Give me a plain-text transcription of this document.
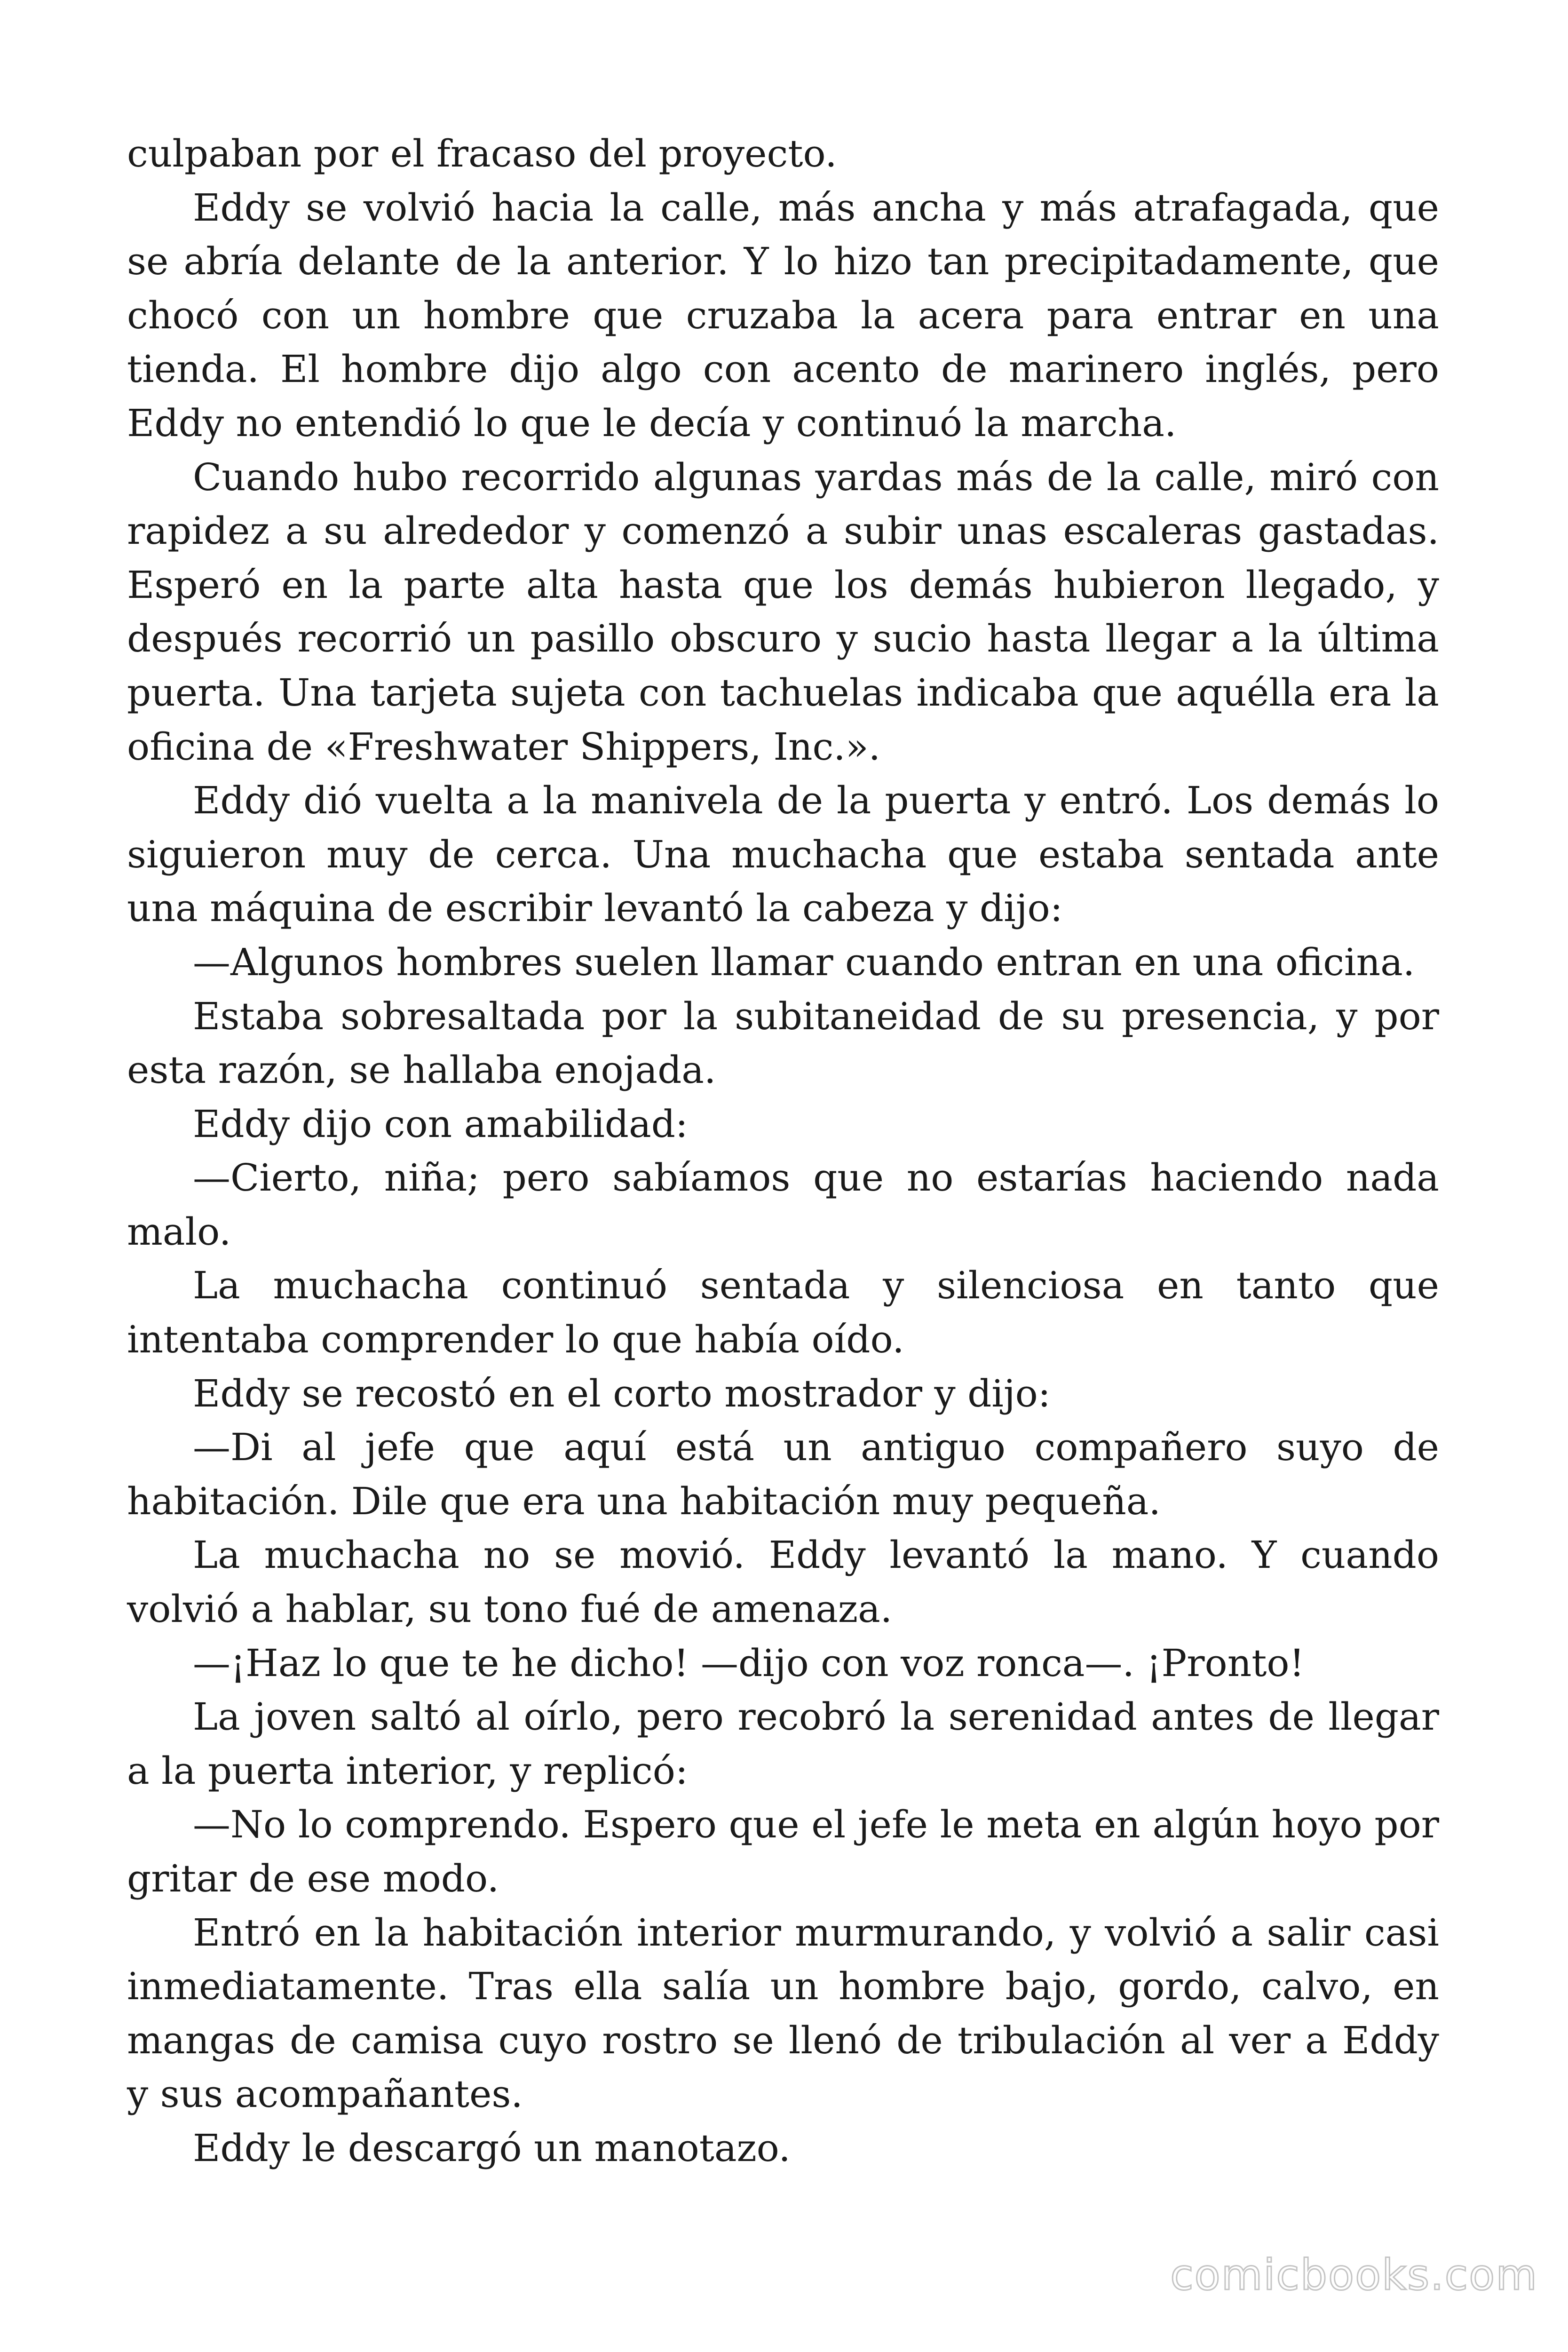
culpaban por el fracaso del proyecto.

Eddy se volvió hacia la calle, más ancha y más atrafagada, que se abría delante de la anterior. Y lo hizo tan precipitadamente, que chocó con un hombre que cruzaba la acera para entrar en una tienda. El hombre dijo algo con acento de marinero inglés, pero Eddy no entendió lo que le decía y continuó la marcha.

Cuando hubo recorrido algunas yardas más de la calle, miró con rapidez a su alrededor y comenzó a subir unas escaleras gastadas. Esperó en la parte alta hasta que los demás hubieron llegado, y después recorrió un pasillo obscuro y sucio hasta llegar a la última puerta. Una tarjeta sujeta con tachuelas indicaba que aquélla era la oficina de «Freshwater Shippers, Inc.».

Eddy dió vuelta a la manivela de la puerta y entró. Los demás lo siguieron muy de cerca. Una muchacha que estaba sentada ante una máquina de escribir levantó la cabeza y dijo:

—Algunos hombres suelen llamar cuando entran en una oficina.

Estaba sobresaltada por la subitaneidad de su presencia, y por esta razón, se hallaba enojada.

Eddy dijo con amabilidad:

—Cierto, niña; pero sabíamos que no estarías haciendo nada malo.

La muchacha continuó sentada y silenciosa en tanto que intentaba comprender lo que había oído.

Eddy se recostó en el corto mostrador y dijo:

—Di al jefe que aquí está un antiguo compañero suyo de habitación. Dile que era una habitación muy pequeña.

La muchacha no se movió. Eddy levantó la mano. Y cuando volvió a hablar, su tono fué de amenaza.

—¡Haz lo que te he dicho! —dijo con voz ronca—. ¡Pronto!

La joven saltó al oírlo, pero recobró la serenidad antes de llegar a la puerta interior, y replicó:

—No lo comprendo. Espero que el jefe le meta en algún hoyo por gritar de ese modo.

Entró en la habitación interior murmurando, y volvió a salir casi inmediatamente. Tras ella salía un hombre bajo, gordo, calvo, en mangas de camisa cuyo rostro se llenó de tribulación al ver a Eddy y sus acompañantes.

Eddy le descargó un manotazo.

comicbooks.com
